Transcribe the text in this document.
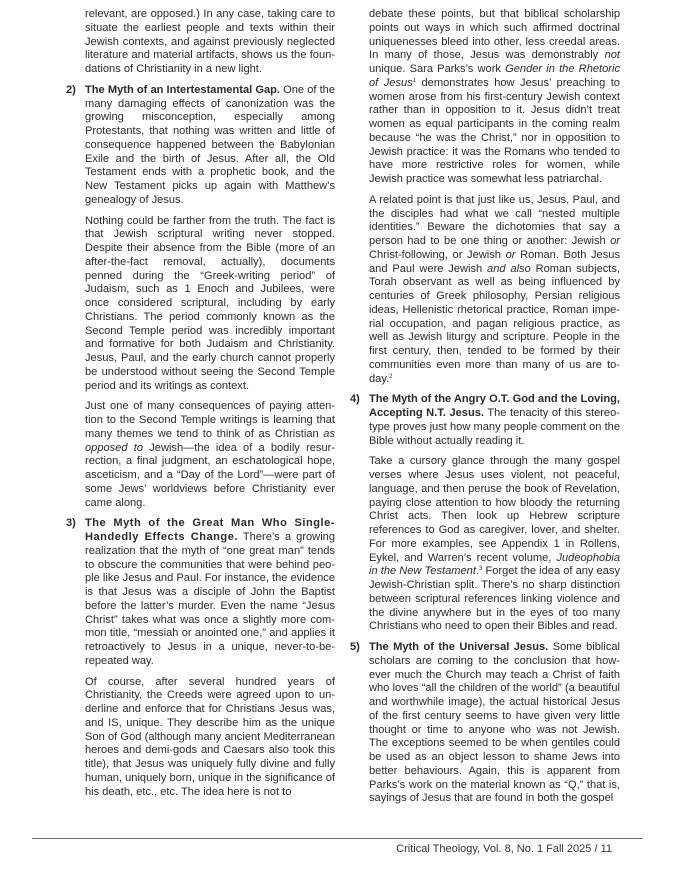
relevant, are opposed.) In any case, taking care to situate the earliest people and texts within their Jewish contexts, and against previously neglected literature and material artifacts, shows us the foundations of Christianity in a new light.

2) The Myth of an Intertestamental Gap. One of the many damaging effects of canonization was the growing misconception, especially among Protestants, that nothing was written and little of consequence happened between the Babylonian Exile and the birth of Jesus. After all, the Old Testament ends with a prophetic book, and the New Testament picks up again with Matthew’s genealogy of Jesus.

Nothing could be farther from the truth. The fact is that Jewish scriptural writing never stopped. Despite their absence from the Bible (more of an after-the-fact removal, actually), documents penned during the “Greek-writing period” of Judaism, such as 1 Enoch and Jubilees, were once considered scriptural, including by early Christians. The period commonly known as the Second Temple period was incredibly important and formative for both Judaism and Christianity. Jesus, Paul, and the early church cannot properly be understood without seeing the Second Temple period and its writings as context.

Just one of many consequences of paying attention to the Second Temple writings is learning that many themes we tend to think of as Christian as opposed to Jewish—the idea of a bodily resurrection, a final judgment, an eschatological hope, asceticism, and a “Day of the Lord”—were part of some Jews’ worldviews before Christianity ever came along.

3) The Myth of the Great Man Who Single-Handedly Effects Change. There’s a growing realization that the myth of “one great man” tends to obscure the communities that were behind people like Jesus and Paul. For instance, the evidence is that Jesus was a disciple of John the Baptist before the latter’s murder. Even the name “Jesus Christ” takes what was once a slightly more common title, “messiah or anointed one,” and applies it retroactively to Jesus in a unique, never-to-be-repeated way.

Of course, after several hundred years of Christianity, the Creeds were agreed upon to underline and enforce that for Christians Jesus was, and IS, unique. They describe him as the unique Son of God (although many ancient Mediterranean heroes and demi-gods and Caesars also took this title), that Jesus was uniquely fully divine and fully human, uniquely born, unique in the significance of his death, etc., etc. The idea here is not to

debate these points, but that biblical scholarship points out ways in which such affirmed doctrinal uniquenesses bleed into other, less creedal areas. In many of those, Jesus was demonstrably not unique. Sara Parks’s work Gender in the Rhetoric of Jesus$^1$ demonstrates how Jesus’ preaching to women arose from his first-century Jewish context rather than in opposition to it. Jesus didn’t treat women as equal participants in the coming realm because “he was the Christ,” nor in opposition to Jewish practice: it was the Romans who tended to have more restrictive roles for women, while Jewish practice was somewhat less patriarchal.

A related point is that just like us, Jesus, Paul, and the disciples had what we call “nested multiple identities.” Beware the dichotomies that say a person had to be one thing or another: Jewish or Christ-following, or Jewish or Roman. Both Jesus and Paul were Jewish and also Roman subjects, Torah observant as well as being influenced by centuries of Greek philosophy, Persian religious ideas, Hellenistic rhetorical practice, Roman imperial occupation, and pagan religious practice, as well as Jewish liturgy and scripture. People in the first century, then, tended to be formed by their communities even more than many of us are today.$^2$

4) The Myth of the Angry O.T. God and the Loving, Accepting N.T. Jesus. The tenacity of this stereotype proves just how many people comment on the Bible without actually reading it.

Take a cursory glance through the many gospel verses where Jesus uses violent, not peaceful, language, and then peruse the book of Revelation, paying close attention to how bloody the returning Christ acts. Then look up Hebrew scripture references to God as caregiver, lover, and shelter. For more examples, see Appendix 1 in Rollens, Eykel, and Warren’s recent volume, Judeophobia in the New Testament.$^3$ Forget the idea of any easy Jewish-Christian split. There’s no sharp distinction between scriptural references linking violence and the divine anywhere but in the eyes of too many Christians who need to open their Bibles and read.

5) The Myth of the Universal Jesus. Some biblical scholars are coming to the conclusion that however much the Church may teach a Christ of faith who loves “all the children of the world” (a beautiful and worthwhile image), the actual historical Jesus of the first century seems to have given very little thought or time to anyone who was not Jewish. The exceptions seemed to be when gentiles could be used as an object lesson to shame Jews into better behaviours. Again, this is apparent from Parks’s work on the material known as “Q,” that is, sayings of Jesus that are found in both the gospel
Critical Theology, Vol. 8, No. 1 Fall 2025 / 11
